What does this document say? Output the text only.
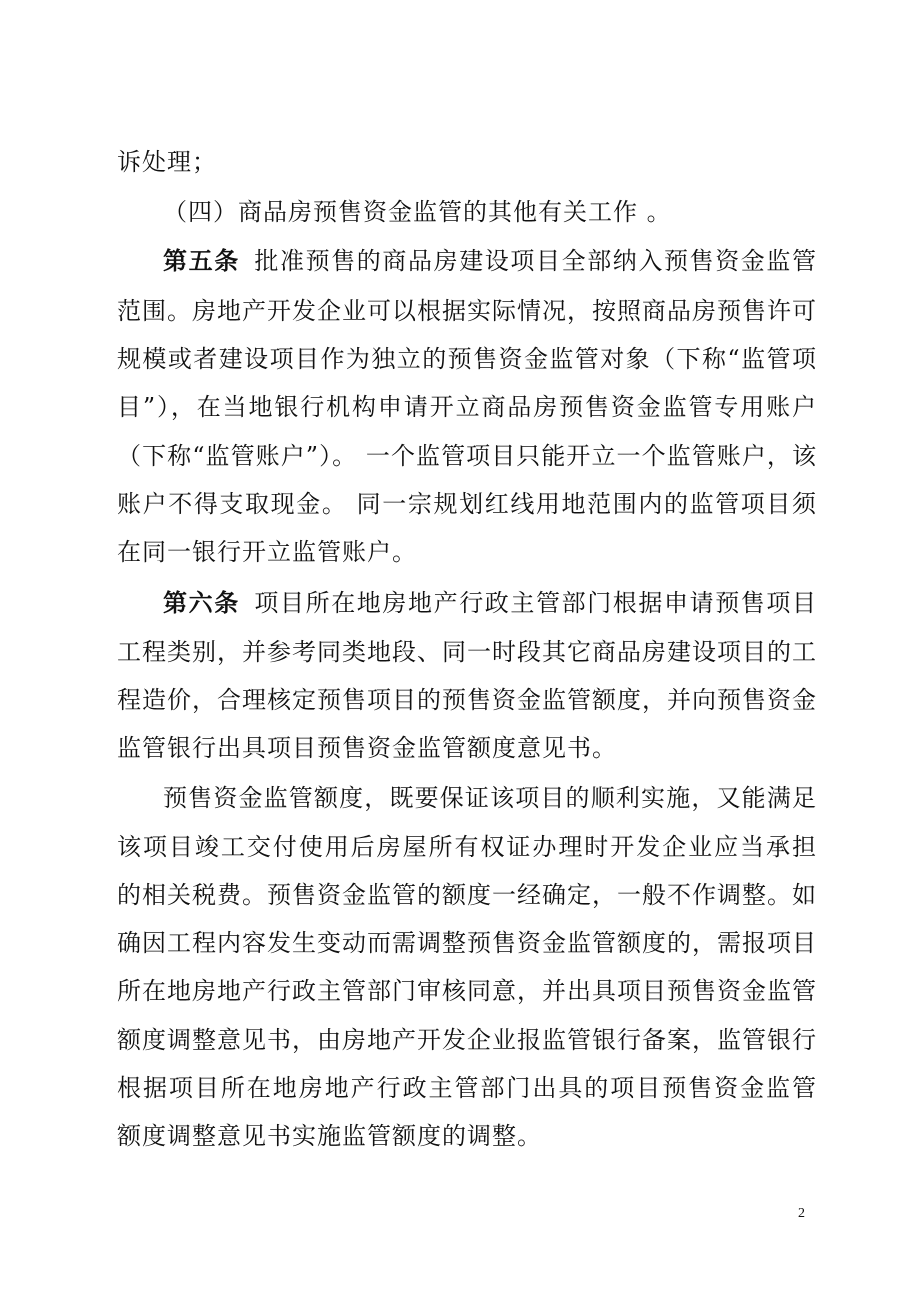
诉处理；
（四）商品房预售资金监管的其他有关工作 。
第五条 批准预售的商品房建设项目全部纳入预售资金监管
范围。房地产开发企业可以根据实际情况，按照商品房预售许可
规模或者建设项目作为独立的预售资金监管对象（下称“监管项
目”），在当地银行机构申请开立商品房预售资金监管专用账户
（下称“监管账户”）。 一个监管项目只能开立一个监管账户，该
账户不得支取现金。 同一宗规划红线用地范围内的监管项目须
在同一银行开立监管账户。
第六条 项目所在地房地产行政主管部门根据申请预售项目
工程类别，并参考同类地段、同一时段其它商品房建设项目的工
程造价，合理核定预售项目的预售资金监管额度，并向预售资金
监管银行出具项目预售资金监管额度意见书。
预售资金监管额度，既要保证该项目的顺利实施，又能满足
该项目竣工交付使用后房屋所有权证办理时开发企业应当承担
的相关税费。预售资金监管的额度一经确定，一般不作调整。如
确因工程内容发生变动而需调整预售资金监管额度的，需报项目
所在地房地产行政主管部门审核同意，并出具项目预售资金监管
额度调整意见书，由房地产开发企业报监管银行备案，监管银行
根据项目所在地房地产行政主管部门出具的项目预售资金监管
额度调整意见书实施监管额度的调整。
2
